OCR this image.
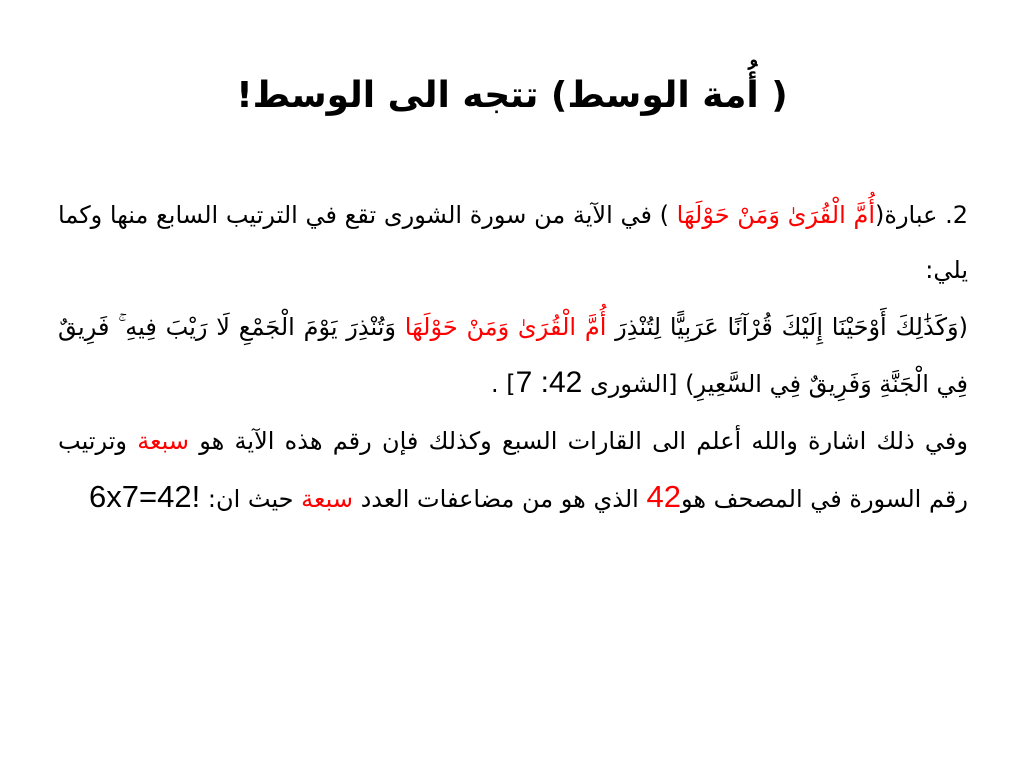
( أُمة الوسط) تتجه الى الوسط!

2. عبارة(أُمَّ الْقُرَىٰ وَمَنْ حَوْلَهَا ) في الآية من سورة الشورى تقع في الترتيب السابع منها وكما يلي:

(وَكَذَٰلِكَ أَوْحَيْنَا إِلَيْكَ قُرْآنًا عَرَبِيًّا لِتُنْذِرَ أُمَّ الْقُرَىٰ وَمَنْ حَوْلَهَا وَتُنْذِرَ يَوْمَ الْجَمْعِ لَا رَيْبَ فِيهِ ۚ فَرِيقٌ فِي الْجَنَّةِ وَفَرِيقٌ فِي السَّعِيرِ) [الشورى 42: 7] .

وفي ذلك اشارة والله أعلم الى القارات السبع وكذلك فإن رقم هذه الآية هو سبعة وترتيب رقم السورة في المصحف هو42 الذي هو من مضاعفات العدد سبعة حيث ان: 6x7=42!
